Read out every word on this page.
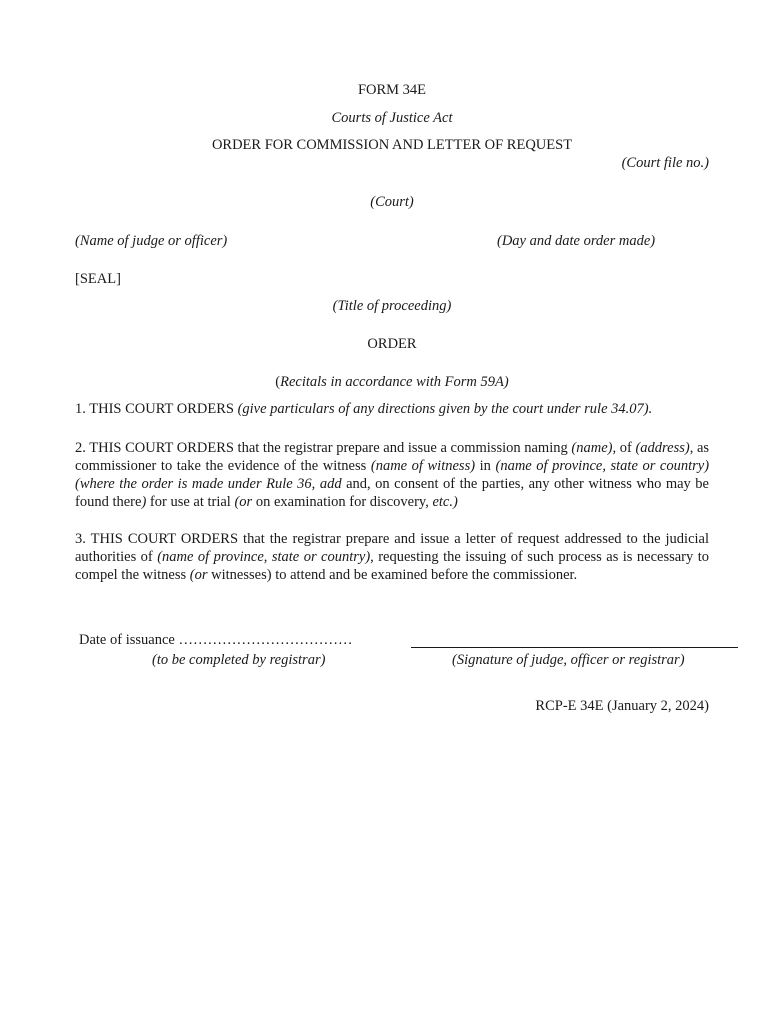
FORM 34E
Courts of Justice Act
ORDER FOR COMMISSION AND LETTER OF REQUEST
(Court file no.)
(Court)
(Name of judge or officer)	(Day and date order made)
[SEAL]
(Title of proceeding)
ORDER
(Recitals in accordance with Form 59A)
1. THIS COURT ORDERS (give particulars of any directions given by the court under rule 34.07).
2. THIS COURT ORDERS that the registrar prepare and issue a commission naming (name), of (address), as commissioner to take the evidence of the witness (name of witness) in (name of province, state or country) (where the order is made under Rule 36, add and, on consent of the parties, any other witness who may be found there) for use at trial (or on examination for discovery, etc.)
3. THIS COURT ORDERS that the registrar prepare and issue a letter of request addressed to the judicial authorities of (name of province, state or country), requesting the issuing of such process as is necessary to compel the witness (or witnesses) to attend and be examined before the commissioner.
Date of issuance ………………………………
(to be completed by registrar)	(Signature of judge, officer or registrar)
RCP-E 34E (January 2, 2024)
